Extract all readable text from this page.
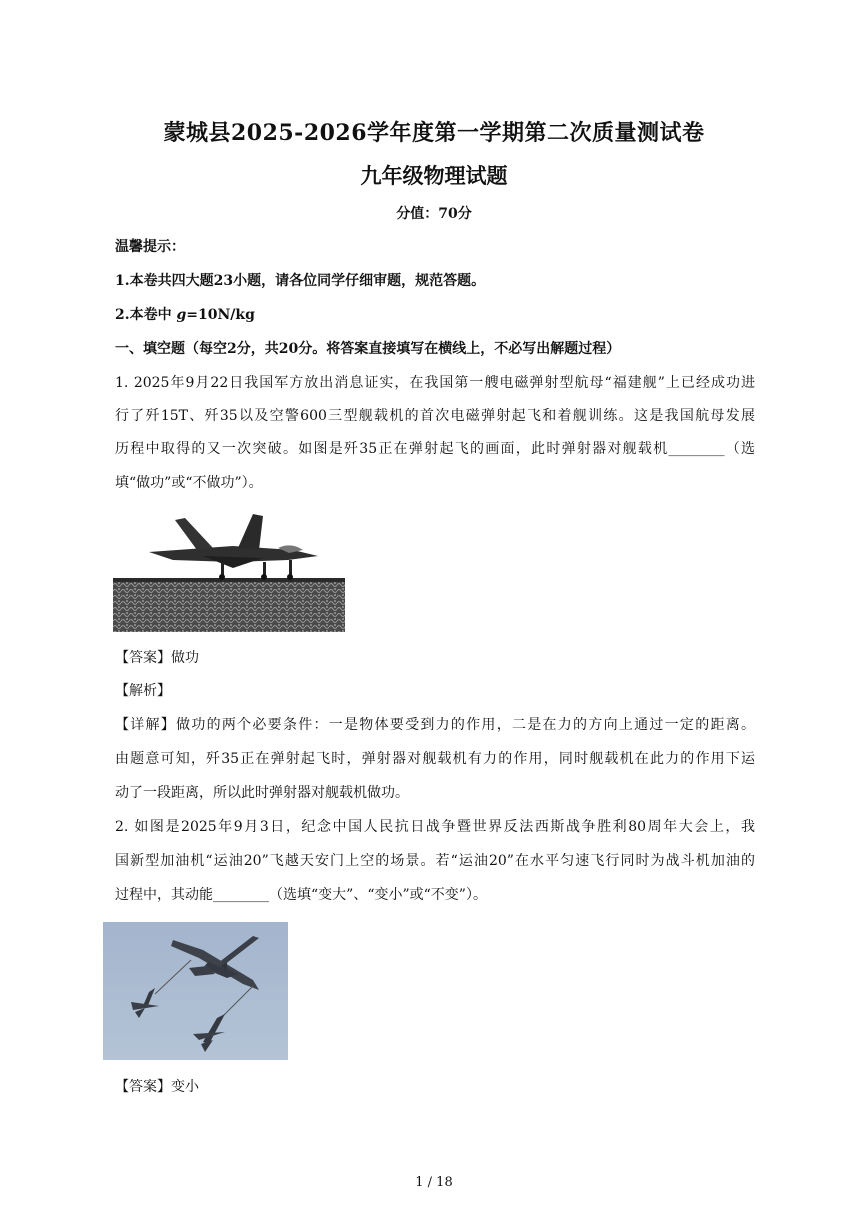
蒙城县2025-2026学年度第一学期第二次质量测试卷
九年级物理试题
分值：70分
温馨提示：
1.本卷共四大题23小题，请各位同学仔细审题，规范答题。
2.本卷中 g=10N/kg
一、填空题（每空2分，共20分。将答案直接填写在横线上，不必写出解题过程）
1. 2025年9月22日我国军方放出消息证实，在我国第一艘电磁弹射型航母“福建舰”上已经成功进
行了歼15T、歼35以及空警600三型舰载机的首次电磁弹射起飞和着舰训练。这是我国航母发展
历程中取得的又一次突破。如图是歼35正在弹射起飞的画面，此时弹射器对舰载机________（选
填“做功”或“不做功”）。
【答案】做功
【解析】
【详解】做功的两个必要条件：一是物体要受到力的作用，二是在力的方向上通过一定的距离。
由题意可知，歼35正在弹射起飞时，弹射器对舰载机有力的作用，同时舰载机在此力的作用下运
动了一段距离，所以此时弹射器对舰载机做功。
2. 如图是2025年9月3日，纪念中国人民抗日战争暨世界反法西斯战争胜利80周年大会上，我
国新型加油机“运油20”飞越天安门上空的场景。若“运油20”在水平匀速飞行同时为战斗机加油的
过程中，其动能________（选填“变大”、“变小”或“不变”）。
【答案】变小
1 / 18
